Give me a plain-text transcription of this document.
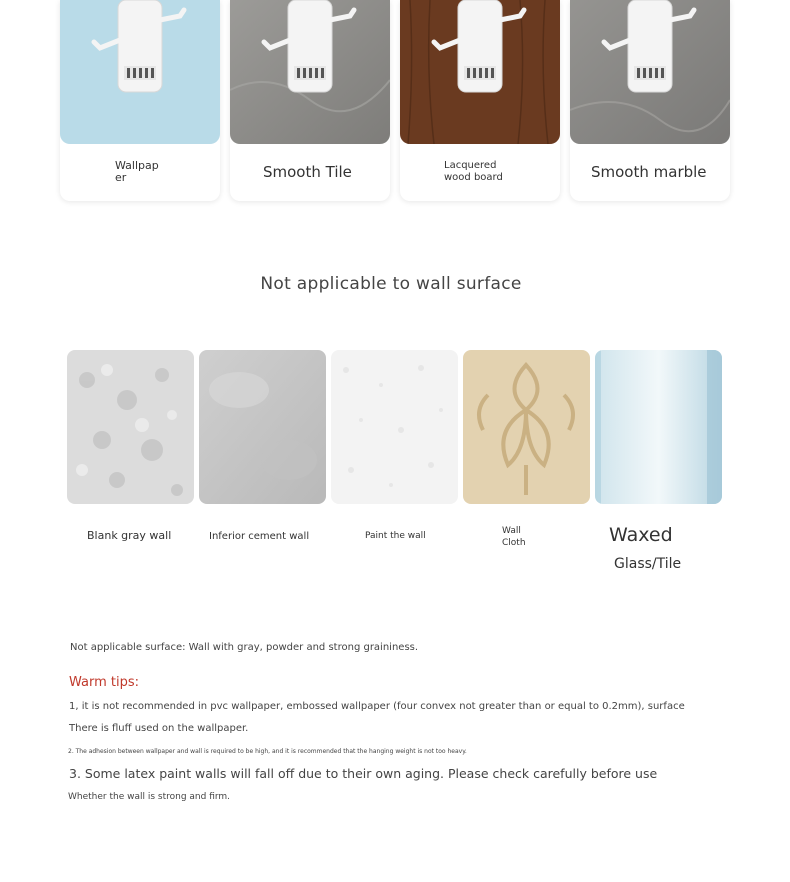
Wallpap
er	Smooth Tile	Lacquered
wood board	Smooth marble
Not applicable to wall surface
Blank gray wall	Inferior cement wall	Paint the wall	Wall
Cloth	Waxed
Glass/Tile
Not applicable surface: Wall with gray, powder and strong graininess.
Warm tips:
1, it is not recommended in pvc wallpaper, embossed wallpaper (four convex not greater than or equal to 0.2mm), surface
There is fluff used on the wallpaper.
2. The adhesion between wallpaper and wall is required to be high, and it is recommended that the hanging weight is not too heavy.
3. Some latex paint walls will fall off due to their own aging. Please check carefully before use
Whether the wall is strong and firm.
